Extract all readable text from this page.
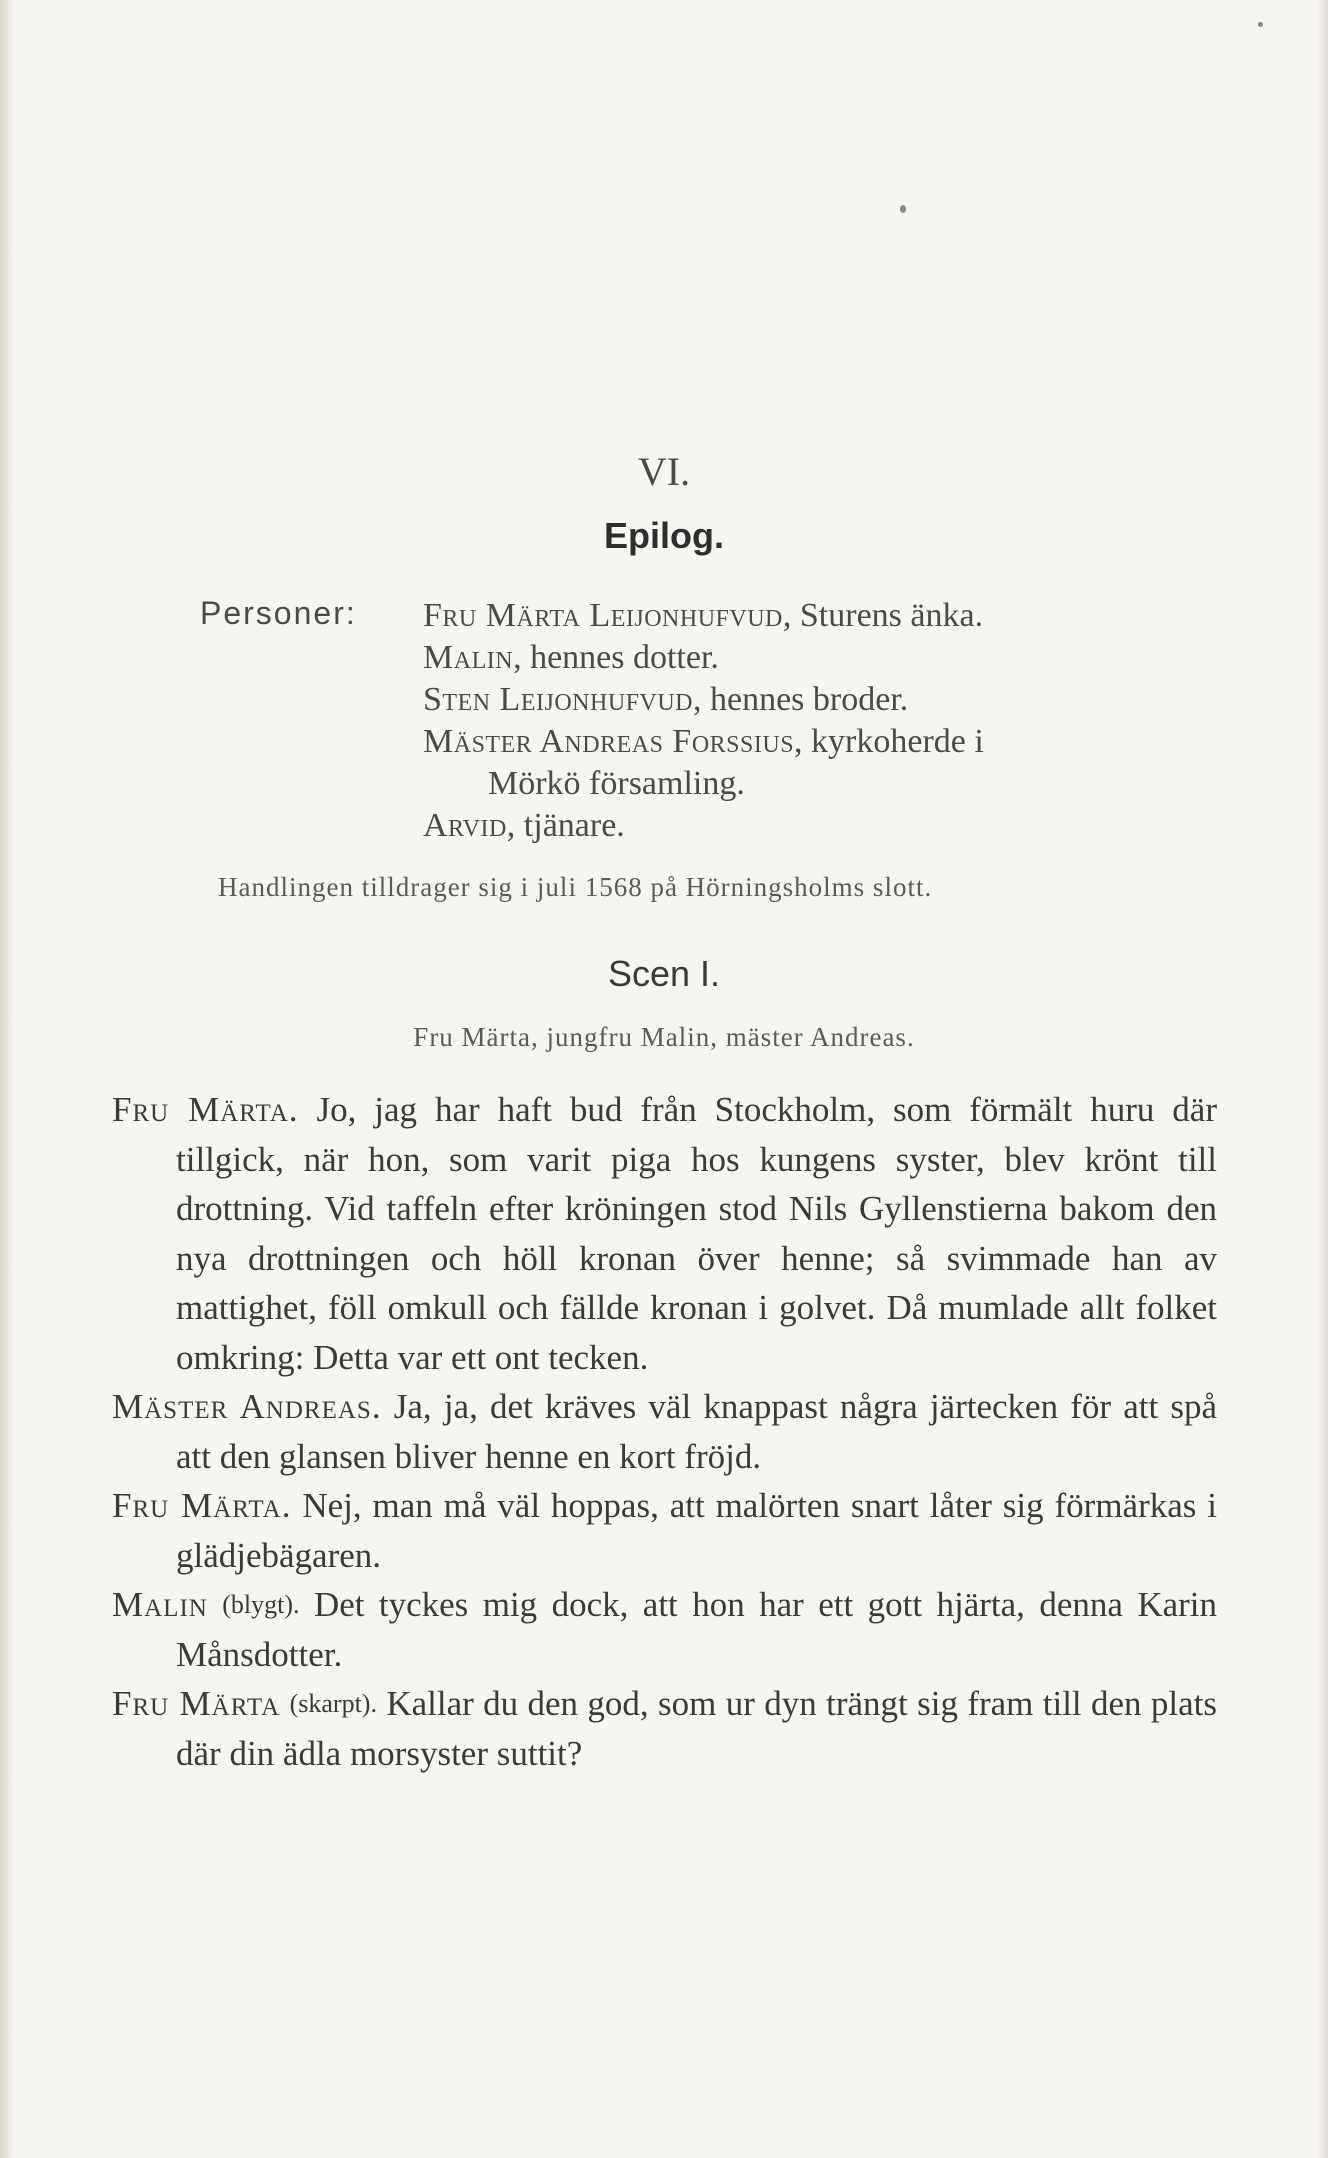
VI.
Epilog.
Personer: Fru Märta Leijonhufvud, Sturens änka.
Malin, hennes dotter.
Sten Leijonhufvud, hennes broder.
Mäster Andreas Forssius, kyrkoherde i
Mörkö församling.
Arvid, tjänare.
Handlingen tilldrager sig i juli 1568 på Hörningsholms slott.
Scen I.
Fru Märta, jungfru Malin, mäster Andreas.

Fru Märta. Jo, jag har haft bud från Stockholm, som förmält huru där tillgick, när hon, som varit piga hos kungens syster, blev krönt till drottning. Vid taffeln efter kröningen stod Nils Gyllenstierna bakom den nya drottningen och höll kronan över henne; så svimmade han av mattighet, föll omkull och fällde kronan i golvet. Då mumlade allt folket omkring: Detta var ett ont tecken.

Mäster Andreas. Ja, ja, det kräves väl knappast några järtecken för att spå att den glansen bliver henne en kort fröjd.

Fru Märta. Nej, man må väl hoppas, att malörten snart låter sig förmärkas i glädjebägaren.

Malin (blygt). Det tyckes mig dock, att hon har ett gott hjärta, denna Karin Månsdotter.

Fru Märta (skarpt). Kallar du den god, som ur dyn trängt sig fram till den plats där din ädla morsyster suttit?
